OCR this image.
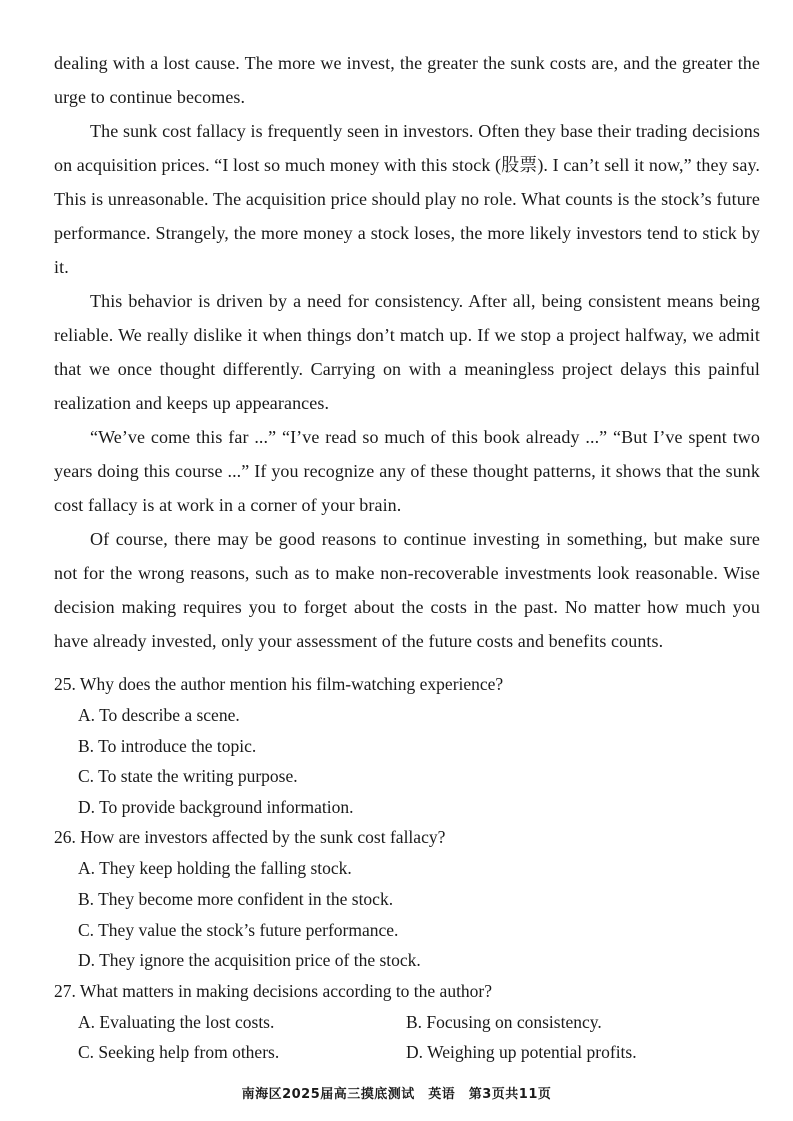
dealing with a lost cause. The more we invest, the greater the sunk costs are, and the greater the urge to continue becomes.

The sunk cost fallacy is frequently seen in investors. Often they base their trading decisions on acquisition prices. “I lost so much money with this stock (股票). I can’t sell it now,” they say. This is unreasonable. The acquisition price should play no role. What counts is the stock’s future performance. Strangely, the more money a stock loses, the more likely investors tend to stick by it.

This behavior is driven by a need for consistency. After all, being consistent means being reliable. We really dislike it when things don’t match up. If we stop a project halfway, we admit that we once thought differently. Carrying on with a meaningless project delays this painful realization and keeps up appearances.

“We’ve come this far ...” “I’ve read so much of this book already ...” “But I’ve spent two years doing this course ...” If you recognize any of these thought patterns, it shows that the sunk cost fallacy is at work in a corner of your brain.

Of course, there may be good reasons to continue investing in something, but make sure not for the wrong reasons, such as to make non-recoverable investments look reasonable. Wise decision making requires you to forget about the costs in the past. No matter how much you have already invested, only your assessment of the future costs and benefits counts.

25. Why does the author mention his film-watching experience?
A. To describe a scene.
B. To introduce the topic.
C. To state the writing purpose.
D. To provide background information.
26. How are investors affected by the sunk cost fallacy?
A. They keep holding the falling stock.
B. They become more confident in the stock.
C. They value the stock’s future performance.
D. They ignore the acquisition price of the stock.
27. What matters in making decisions according to the author?
A. Evaluating the lost costs.	B. Focusing on consistency.
C. Seeking help from others.	D. Weighing up potential profits.
南海区2025届高三摸底测试　英语　第3页共11页
